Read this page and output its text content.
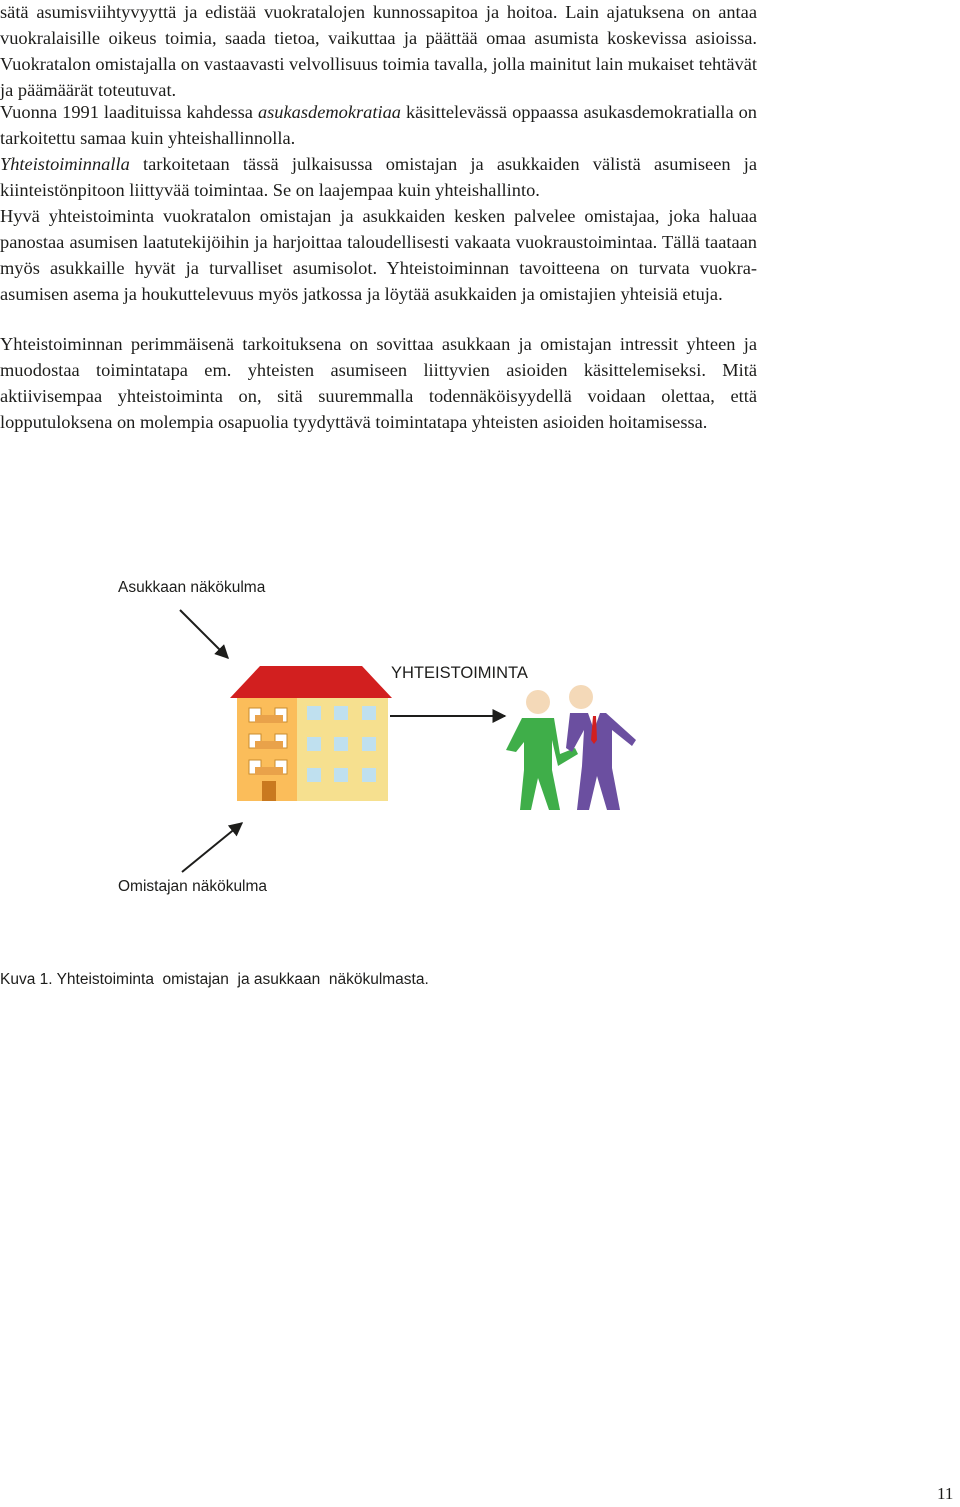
sätä asumisviihtyvyyttä ja edistää vuokratalojen kunnossapitoa ja hoitoa. Lain ajatuksena on antaa vuokralaisille oikeus toimia, saada tietoa, vaikuttaa ja päättää omaa asumista koskevissa asioissa. Vuokratalon omistajalla on vastaavasti velvollisuus toimia tavalla, jolla mainitut lain mukaiset tehtävät ja päämäärät toteutuvat.

Vuonna 1991 laadituissa kahdessa asukasdemokratiaa käsittelevässä oppaassa asukasdemokratialla on tarkoitettu samaa kuin yhteishallinnolla.

Yhteistoiminnalla tarkoitetaan tässä julkaisussa omistajan ja asukkaiden välistä asumiseen ja kiinteistönpitoon liittyvää toimintaa. Se on laajempaa kuin yhteishallinto.

Hyvä yhteistoiminta vuokratalon omistajan ja asukkaiden kesken palvelee omistajaa, joka haluaa panostaa asumisen laatutekijöihin ja harjoittaa taloudellisesti vakaata vuokraustoimintaa. Tällä taataan myös asukkaille hyvät ja turvalliset asumisolot. Yhteistoiminnan tavoitteena on turvata vuokra-asumisen asema ja houkuttelevuus myös jatkossa ja löytää asukkaiden ja omistajien yhteisiä etuja.

Yhteistoiminnan perimmäisenä tarkoituksena on sovittaa asukkaan ja omistajan intressit yhteen ja muodostaa toimintatapa em. yhteisten asumiseen liittyvien asioiden käsittelemiseksi. Mitä aktiivisempaa yhteistoiminta on, sitä suuremmalla todennäköisyydellä voidaan olettaa, että lopputuloksena on molempia osapuolia tyydyttävä toimintatapa yhteisten asioiden hoitamisessa.

Asukkaan näkökulma
YHTEISTOIMINTA
Omistajan näkökulma
Kuva 1. Yhteistoiminta  omistajan  ja asukkaan  näkökulmasta.
11
